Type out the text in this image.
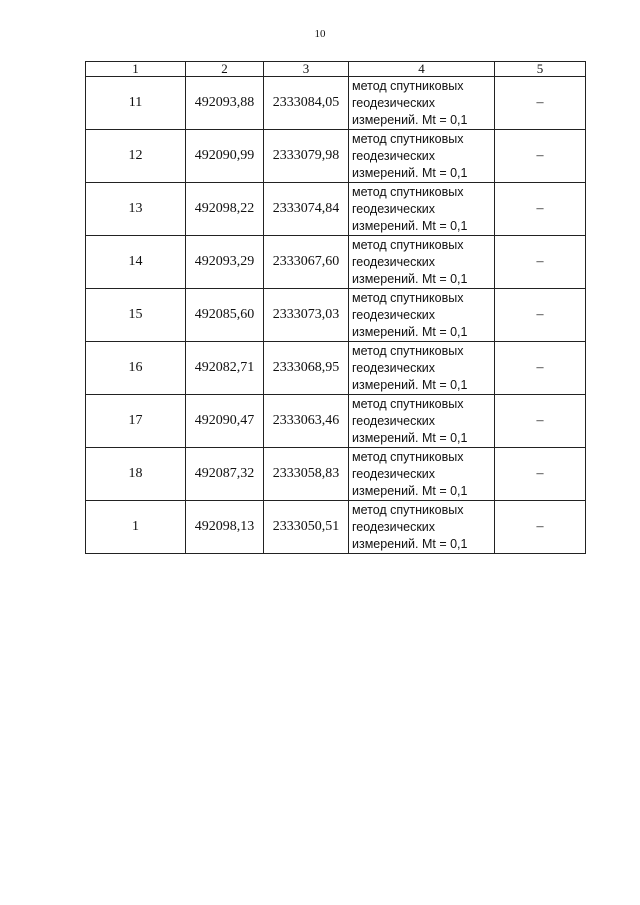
10
1	2	3	4	5
11	492093,88	2333084,05	метод спутниковых
геодезических
измерений. Mt = 0,1	–
12	492090,99	2333079,98	метод спутниковых
геодезических
измерений. Mt = 0,1	–
13	492098,22	2333074,84	метод спутниковых
геодезических
измерений. Mt = 0,1	–
14	492093,29	2333067,60	метод спутниковых
геодезических
измерений. Mt = 0,1	–
15	492085,60	2333073,03	метод спутниковых
геодезических
измерений. Mt = 0,1	–
16	492082,71	2333068,95	метод спутниковых
геодезических
измерений. Mt = 0,1	–
17	492090,47	2333063,46	метод спутниковых
геодезических
измерений. Mt = 0,1	–
18	492087,32	2333058,83	метод спутниковых
геодезических
измерений. Mt = 0,1	–
1	492098,13	2333050,51	метод спутниковых
геодезических
измерений. Mt = 0,1	–
